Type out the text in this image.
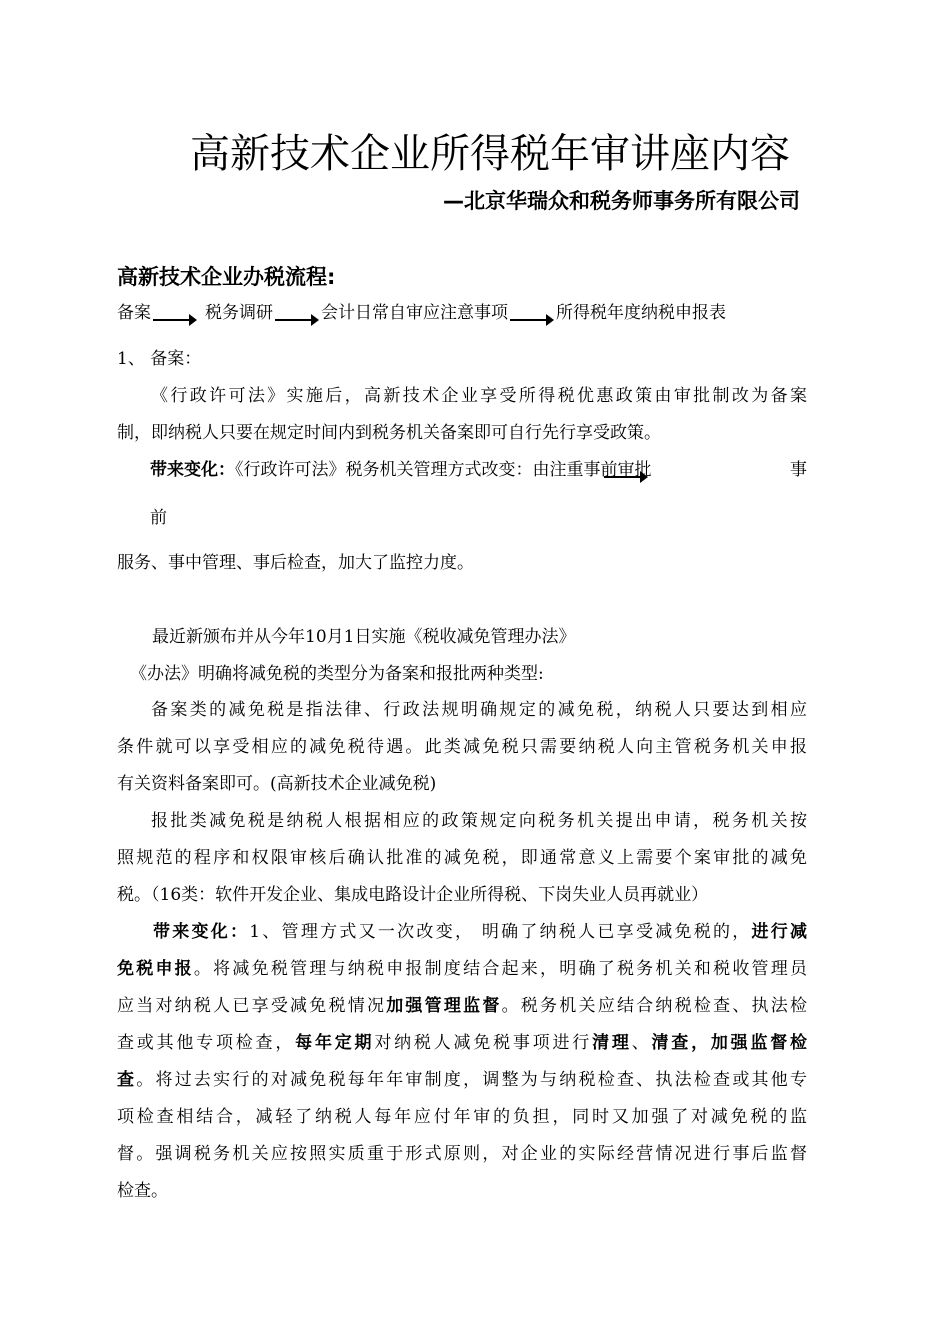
高新技术企业所得税年审讲座内容
—北京华瑞众和税务师事务所有限公司
高新技术企业办税流程:
备案	税务调研	会计日常自审应注意事项	所得税年度纳税申报表
1、 备案：
《行政许可法》实施后，高新技术企业享受所得税优惠政策由审批制改为备案
制，即纳税人只要在规定时间内到税务机关备案即可自行先行享受政策。
带来变化：《行政许可法》税务机关管理方式改变：由注重事前审批	事
前
服务、事中管理、事后检查，加大了监控力度。
最近新颁布并从今年10月1日实施《税收减免管理办法》
《办法》明确将减免税的类型分为备案和报批两种类型:
备案类的减免税是指法律、行政法规明确规定的减免税，纳税人只要达到相应
条件就可以享受相应的减免税待遇。此类减免税只需要纳税人向主管税务机关申报
有关资料备案即可。(高新技术企业减免税)
报批类减免税是纳税人根据相应的政策规定向税务机关提出申请，税务机关按
照规范的程序和权限审核后确认批准的减免税，即通常意义上需要个案审批的减免
税。（16类：软件开发企业、集成电路设计企业所得税、下岗失业人员再就业）
带来变化：1、管理方式又一次改变， 明确了纳税人已享受减免税的，进行减
免税申报。将减免税管理与纳税申报制度结合起来，明确了税务机关和税收管理员
应当对纳税人已享受减免税情况加强管理监督。税务机关应结合纳税检查、执法检
查或其他专项检查，每年定期对纳税人减免税事项进行清理、清查，加强监督检
查。将过去实行的对减免税每年年审制度，调整为与纳税检查、执法检查或其他专
项检查相结合，减轻了纳税人每年应付年审的负担，同时又加强了对减免税的监
督。强调税务机关应按照实质重于形式原则，对企业的实际经营情况进行事后监督
检查。
